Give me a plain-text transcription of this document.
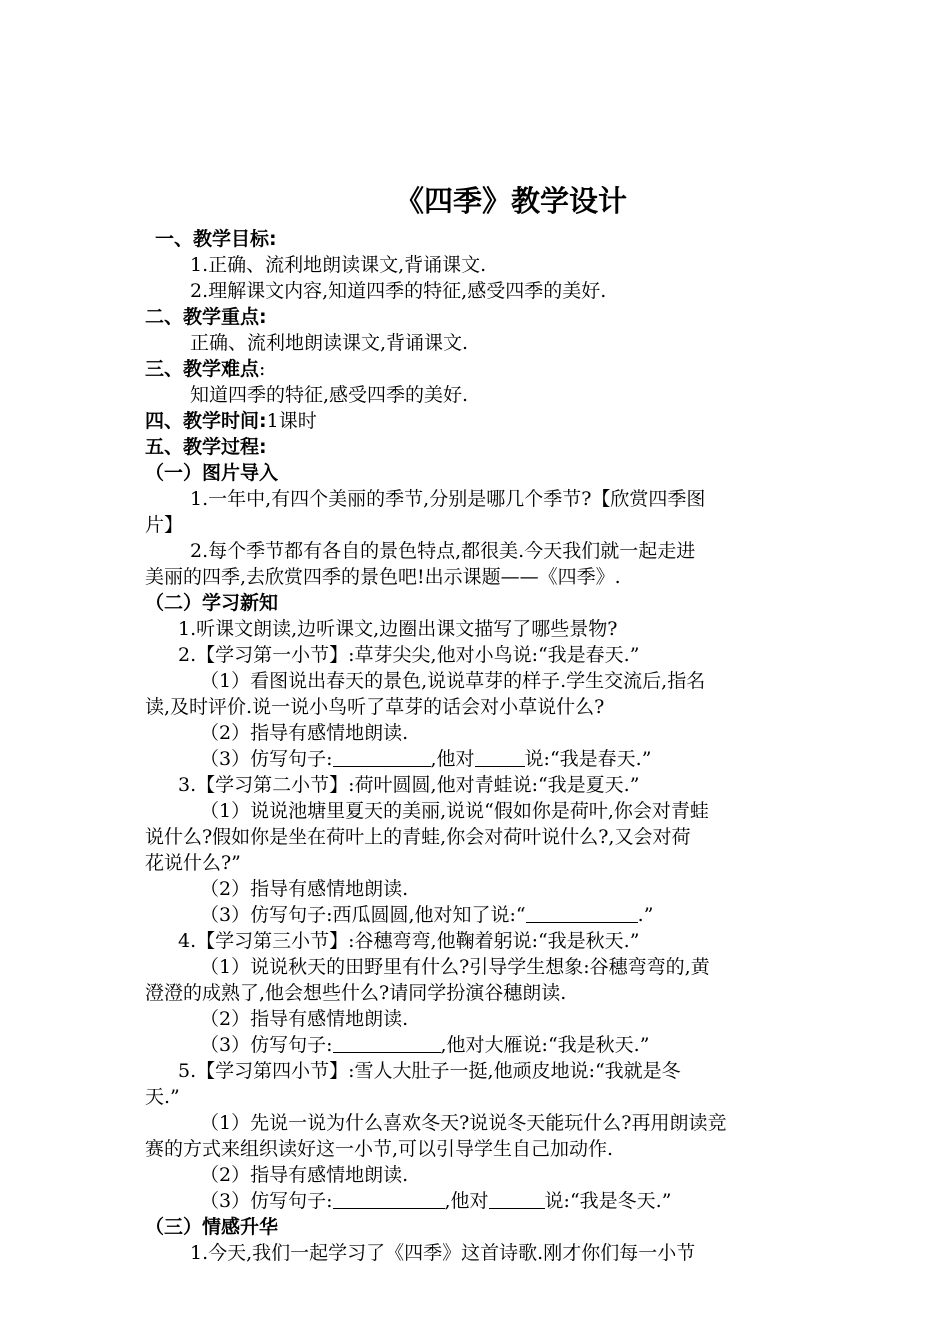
《四季》教学设计
一、教学目标:
1.正确、流利地朗读课文,背诵课文.
2.理解课文内容,知道四季的特征,感受四季的美好.
二、教学重点:
正确、流利地朗读课文,背诵课文.
三、教学难点:
知道四季的特征,感受四季的美好.
四、教学时间:1课时
五、教学过程:
（一）图片导入
1.一年中,有四个美丽的季节,分别是哪几个季节?【欣赏四季图
片】
2.每个季节都有各自的景色特点,都很美.今天我们就一起走进
美丽的四季,去欣赏四季的景色吧!出示课题——《四季》.
（二）学习新知
1.听课文朗读,边听课文,边圈出课文描写了哪些景物?
2.【学习第一小节】:草芽尖尖,他对小鸟说:“我是春天.”
（1）看图说出春天的景色,说说草芽的样子.学生交流后,指名
读,及时评价.说一说小鸟听了草芽的话会对小草说什么?
（2）指导有感情地朗读.
（3）仿写句子:	,他对	说:“我是春天.”
3.【学习第二小节】:荷叶圆圆,他对青蛙说:“我是夏天.”
（1）说说池塘里夏天的美丽,说说“假如你是荷叶,你会对青蛙
说什么?假如你是坐在荷叶上的青蛙,你会对荷叶说什么?,又会对荷
花说什么?”
（2）指导有感情地朗读.
（3）仿写句子:西瓜圆圆,他对知了说:“	.”
4.【学习第三小节】:谷穗弯弯,他鞠着躬说:“我是秋天.”
（1）说说秋天的田野里有什么?引导学生想象:谷穗弯弯的,黄
澄澄的成熟了,他会想些什么?请同学扮演谷穗朗读.
（2）指导有感情地朗读.
（3）仿写句子:	,他对大雁说:“我是秋天.”
5.【学习第四小节】:雪人大肚子一挺,他顽皮地说:“我就是冬
天.”
（1）先说一说为什么喜欢冬天?说说冬天能玩什么?再用朗读竞
赛的方式来组织读好这一小节,可以引导学生自己加动作.
（2）指导有感情地朗读.
（3）仿写句子:	,他对	说:“我是冬天.”
（三）情感升华
1.今天,我们一起学习了《四季》这首诗歌.刚才你们每一小节
